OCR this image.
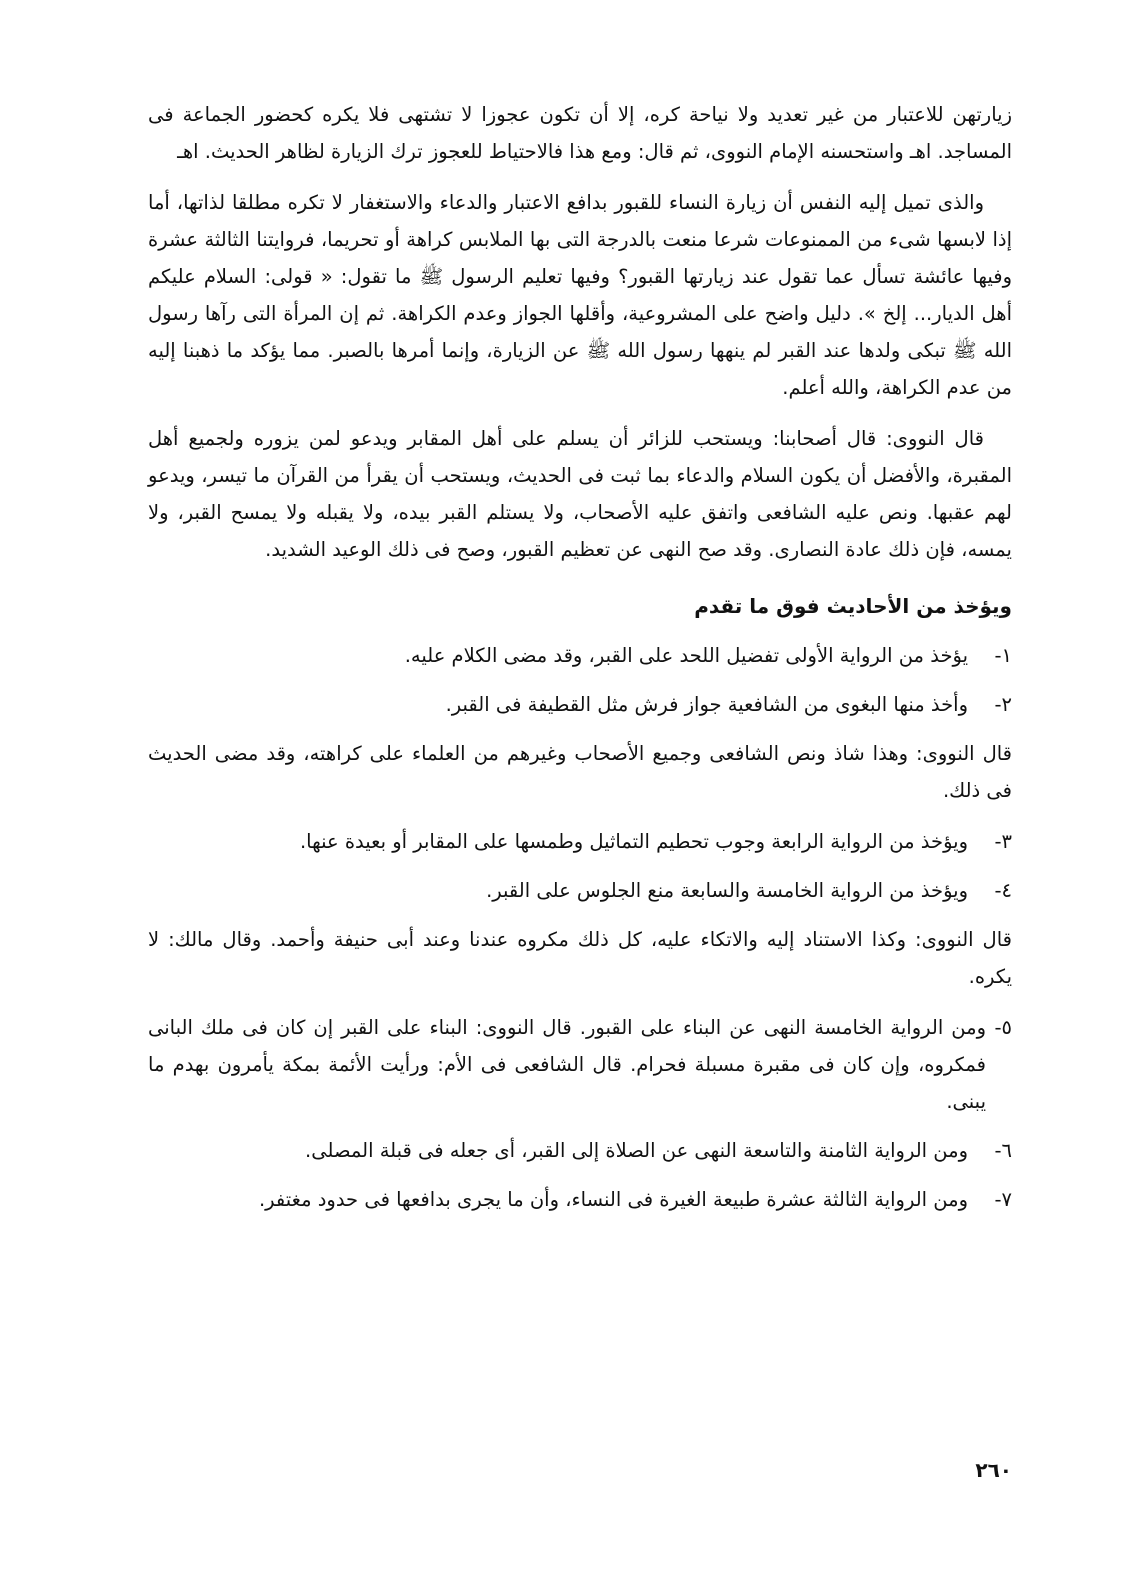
زيارتهن للاعتبار من غير تعديد ولا نياحة كره، إلا أن تكون عجوزا لا تشتهى فلا يكره كحضور الجماعة فى المساجد. اهـ واستحسنه الإمام النووى، ثم قال: ومع هذا فالاحتياط للعجوز ترك الزيارة لظاهر الحديث. اهـ

والذى تميل إليه النفس أن زيارة النساء للقبور بدافع الاعتبار والدعاء والاستغفار لا تكره مطلقا لذاتها، أما إذا لابسها شىء من الممنوعات شرعا منعت بالدرجة التى بها الملابس كراهة أو تحريما، فروايتنا الثالثة عشرة وفيها عائشة تسأل عما تقول عند زيارتها القبور؟ وفيها تعليم الرسول ﷺ ما تقول: « قولى: السلام عليكم أهل الديار... إلخ ». دليل واضح على المشروعية، وأقلها الجواز وعدم الكراهة. ثم إن المرأة التى رآها رسول الله ﷺ تبكى ولدها عند القبر لم ينهها رسول الله ﷺ عن الزيارة، وإنما أمرها بالصبر. مما يؤكد ما ذهبنا إليه من عدم الكراهة، والله أعلم.

قال النووى: قال أصحابنا: ويستحب للزائر أن يسلم على أهل المقابر ويدعو لمن يزوره ولجميع أهل المقبرة، والأفضل أن يكون السلام والدعاء بما ثبت فى الحديث، ويستحب أن يقرأ من القرآن ما تيسر، ويدعو لهم عقبها. ونص عليه الشافعى واتفق عليه الأصحاب، ولا يستلم القبر بيده، ولا يقبله ولا يمسح القبر، ولا يمسه، فإن ذلك عادة النصارى. وقد صح النهى عن تعظيم القبور، وصح فى ذلك الوعيد الشديد.

ويؤخذ من الأحاديث فوق ما تقدم
١-
يؤخذ من الرواية الأولى تفضيل اللحد على القبر، وقد مضى الكلام عليه.
٢-
وأخذ منها البغوى من الشافعية جواز فرش مثل القطيفة فى القبر.

قال النووى: وهذا شاذ ونص الشافعى وجميع الأصحاب وغيرهم من العلماء على كراهته، وقد مضى الحديث فى ذلك.

٣-
ويؤخذ من الرواية الرابعة وجوب تحطيم التماثيل وطمسها على المقابر أو بعيدة عنها.
٤-
ويؤخذ من الرواية الخامسة والسابعة منع الجلوس على القبر.

قال النووى: وكذا الاستناد إليه والاتكاء عليه، كل ذلك مكروه عندنا وعند أبى حنيفة وأحمد. وقال مالك: لا يكره.

٥-
ومن الرواية الخامسة النهى عن البناء على القبور. قال النووى: البناء على القبر إن كان فى ملك البانى فمكروه، وإن كان فى مقبرة مسبلة فحرام. قال الشافعى فى الأم: ورأيت الأئمة بمكة يأمرون بهدم ما يبنى.
٦-
ومن الرواية الثامنة والتاسعة النهى عن الصلاة إلى القبر، أى جعله فى قبلة المصلى.
٧-
ومن الرواية الثالثة عشرة طبيعة الغيرة فى النساء، وأن ما يجرى بدافعها فى حدود مغتفر.
٢٦٠
